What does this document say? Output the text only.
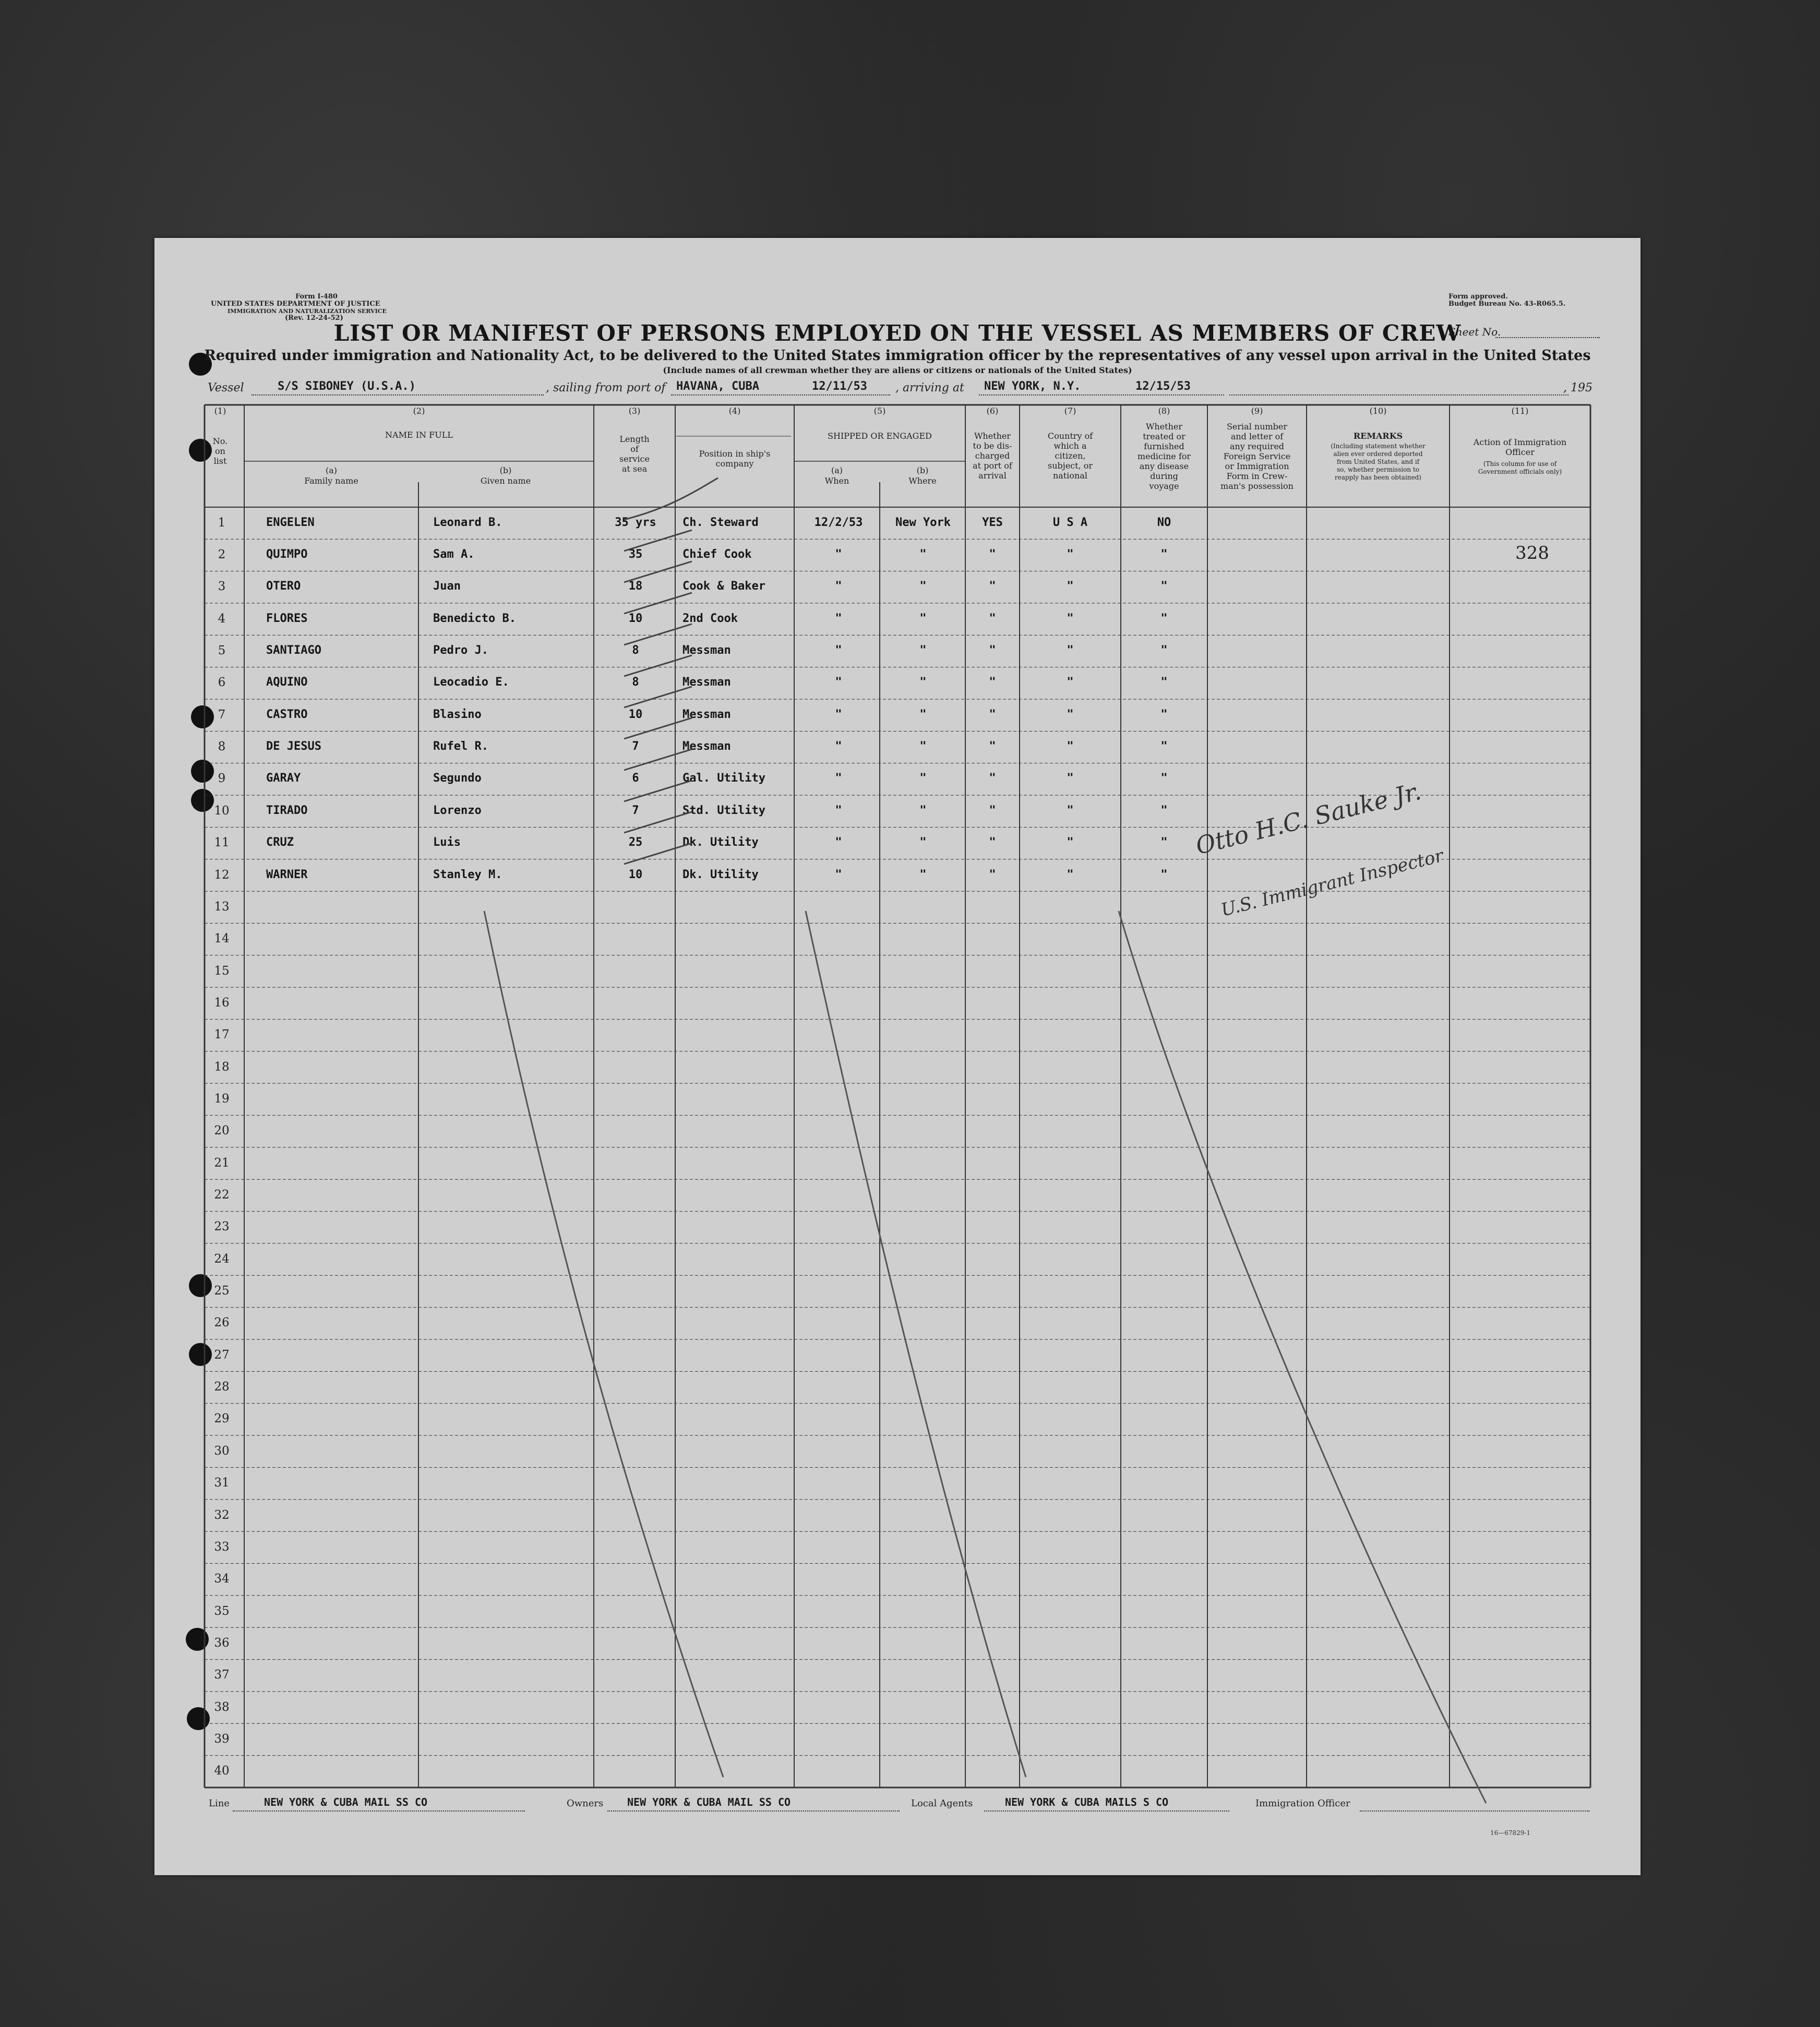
Form I-480
UNITED STATES DEPARTMENT OF JUSTICE
IMMIGRATION AND NATURALIZATION SERVICE
(Rev. 12-24-52)
Form approved.
Budget Bureau No. 43-R065.5.
Sheet No.
LIST OR MANIFEST OF PERSONS EMPLOYED ON THE VESSEL AS MEMBERS OF CREW
Required under immigration and Nationality Act, to be delivered to the United States immigration officer by the representatives of any vessel upon arrival in the United States
(Include names of all crewman whether they are aliens or citizens or nationals of the United States)
Vessel	S/S SIBONEY (U.S.A.)	, sailing from port of HAVANA, CUBA	12/11/53 , arriving at NEW YORK, N.Y.	12/15/53	, 195
(1)
No.
on
list
(2)
NAME IN FULL
(a)
Family name
(b)
Given name
(3)
Length
of
service
at sea
(4)
Position in ship's
company
(5)
SHIPPED OR ENGAGED
(a)
When
(b)
Where
(6)
Whether
to be dis-
charged
at port of
arrival
(7)
Country of
which a
citizen,
subject, or
national
(8)
Whether
treated or
furnished
medicine for
any disease
during
voyage
(9)
Serial number
and letter of
any required
Foreign Service
or Immigration
Form in Crew-
man's possession
(10)
REMARKS
(Including statement whether
alien ever ordered deported
from United States, and if
so, whether permission to
reapply has been obtained)
(11)
Action of Immigration
Officer
(This column for use of
Government officials only)
1	ENGELEN	Leonard B.	35 yrs	Ch. Steward	12/2/53	New York	YES	U S A	NO
2	QUIMPO	Sam A.	35	Chief Cook	"	"	"	"	"
3	OTERO	Juan	18	Cook & Baker	"	"	"	"	"
4	FLORES	Benedicto B.	10	2nd Cook	"	"	"	"	"
5	SANTIAGO	Pedro J.	8	Messman	"	"	"	"	"
6	AQUINO	Leocadio E.	8	Messman	"	"	"	"	"
7	CASTRO	Blasino	10	Messman	"	"	"	"	"
8	DE JESUS	Rufel R.	7	Messman	"	"	"	"	"
9	GARAY	Segundo	6	Gal. Utility	"	"	"	"	"
10	TIRADO	Lorenzo	7	Std. Utility	"	"	"	"	"
11	CRUZ	Luis	25	Dk. Utility	"	"	"	"	"
12	WARNER	Stanley M.	10	Dk. Utility	"	"	"	"	"
13
14
15
16
17
18
19
20
21
22
23
24
25
26
27
28
29
30
31
32
33
34
35
36
37
38
39
40
328
Otto H.C. Sauke Jr.
U.S. Immigrant Inspector
Line	NEW YORK & CUBA MAIL SS CO	Owners NEW YORK & CUBA MAIL SS CO	Local Agents	NEW YORK & CUBA MAILS S CO	Immigration Officer
16—67829-1
